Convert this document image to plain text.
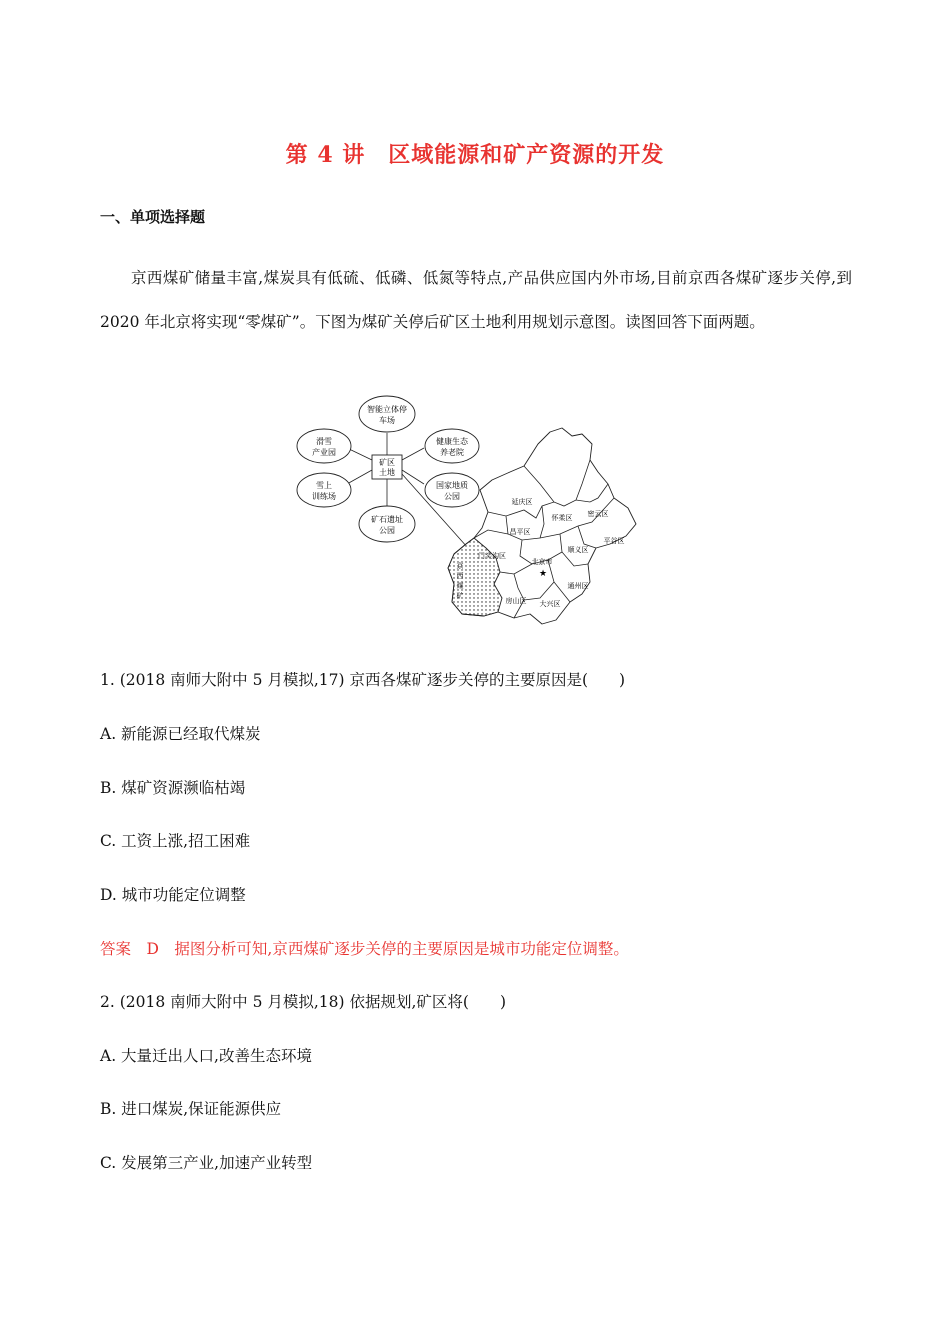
第 4 讲　区域能源和矿产资源的开发
一、单项选择题
京西煤矿储量丰富,煤炭具有低硫、低磷、低氮等特点,产品供应国内外市场,目前京西各煤矿逐步关停,到 2020 年北京将实现“零煤矿”。下图为煤矿关停后矿区土地利用规划示意图。读图回答下面两题。
矿区
土地
智能立体停
车场
健康生态
养老院
国家地质
公园
矿石遗址
公园
雪上
训练场
滑雪
产业园
延庆区
怀柔区 密云区
昌平区
顺义区
平谷区
门头沟区
北京市
通州区
房山区 大兴区
京
西
煤
矿
★
1. (2018 南师大附中 5 月模拟,17) 京西各煤矿逐步关停的主要原因是(　　)
A. 新能源已经取代煤炭
B. 煤矿资源濒临枯竭
C. 工资上涨,招工困难
D. 城市功能定位调整
答案　D　据图分析可知,京西煤矿逐步关停的主要原因是城市功能定位调整。
2. (2018 南师大附中 5 月模拟,18) 依据规划,矿区将(　　)
A. 大量迁出人口,改善生态环境
B. 进口煤炭,保证能源供应
C. 发展第三产业,加速产业转型
